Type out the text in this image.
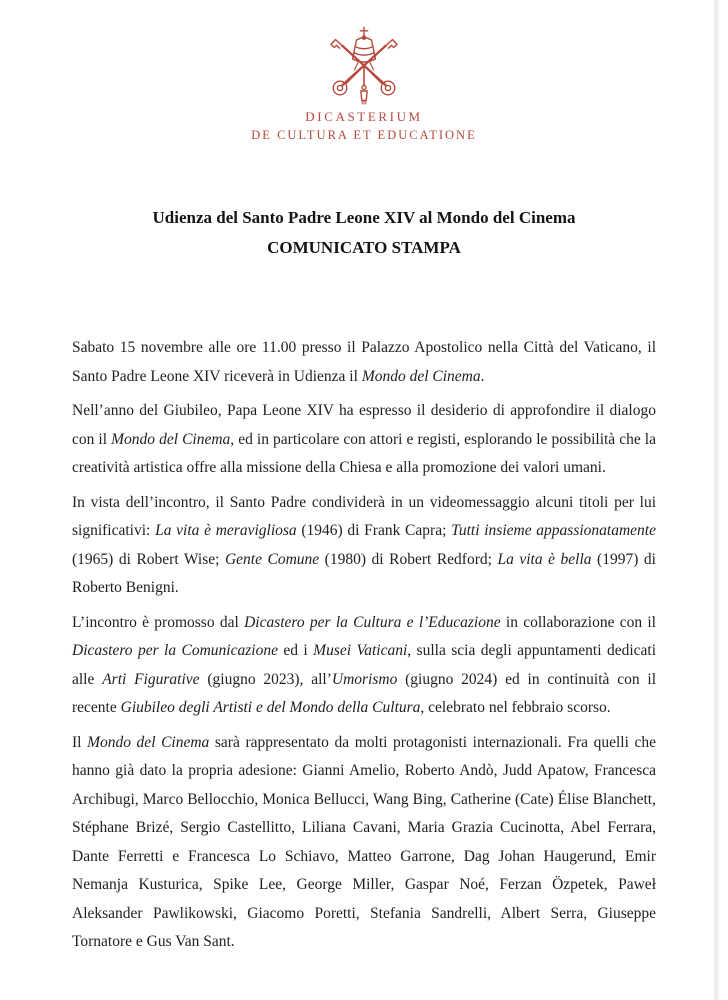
DICASTERIUM
DE CULTURA ET EDUCATIONE
Udienza del Santo Padre Leone XIV al Mondo del Cinema
COMUNICATO STAMPA

Sabato 15 novembre alle ore 11.00 presso il Palazzo Apostolico nella Città del Vaticano, il Santo Padre Leone XIV riceverà in Udienza il Mondo del Cinema.

Nell’anno del Giubileo, Papa Leone XIV ha espresso il desiderio di approfondire il dialogo con il Mondo del Cinema, ed in particolare con attori e registi, esplorando le possibilità che la creatività artistica offre alla missione della Chiesa e alla promozione dei valori umani.

In vista dell’incontro, il Santo Padre condividerà in un videomessaggio alcuni titoli per lui significativi: La vita è meravigliosa (1946) di Frank Capra; Tutti insieme appassionatamente (1965) di Robert Wise; Gente Comune (1980) di Robert Redford; La vita è bella (1997) di Roberto Benigni.

L’incontro è promosso dal Dicastero per la Cultura e l’Educazione in collaborazione con il Dicastero per la Comunicazione ed i Musei Vaticani, sulla scia degli appuntamenti dedicati alle Arti Figurative (giugno 2023), all’Umorismo (giugno 2024) ed in continuità con il recente Giubileo degli Artisti e del Mondo della Cultura, celebrato nel febbraio scorso.

Il Mondo del Cinema sarà rappresentato da molti protagonisti internazionali. Fra quelli che hanno già dato la propria adesione: Gianni Amelio, Roberto Andò, Judd Apatow, Francesca Archibugi, Marco Bellocchio, Monica Bellucci, Wang Bing, Catherine (Cate) Élise Blanchett, Stéphane Brizé, Sergio Castellitto, Liliana Cavani, Maria Grazia Cucinotta, Abel Ferrara, Dante Ferretti e Francesca Lo Schiavo, Matteo Garrone, Dag Johan Haugerund, Emir Nemanja Kusturica, Spike Lee, George Miller, Gaspar Noé, Ferzan Özpetek, Paweł Aleksander Pawlikowski, Giacomo Poretti, Stefania Sandrelli, Albert Serra, Giuseppe Tornatore e Gus Van Sant.
